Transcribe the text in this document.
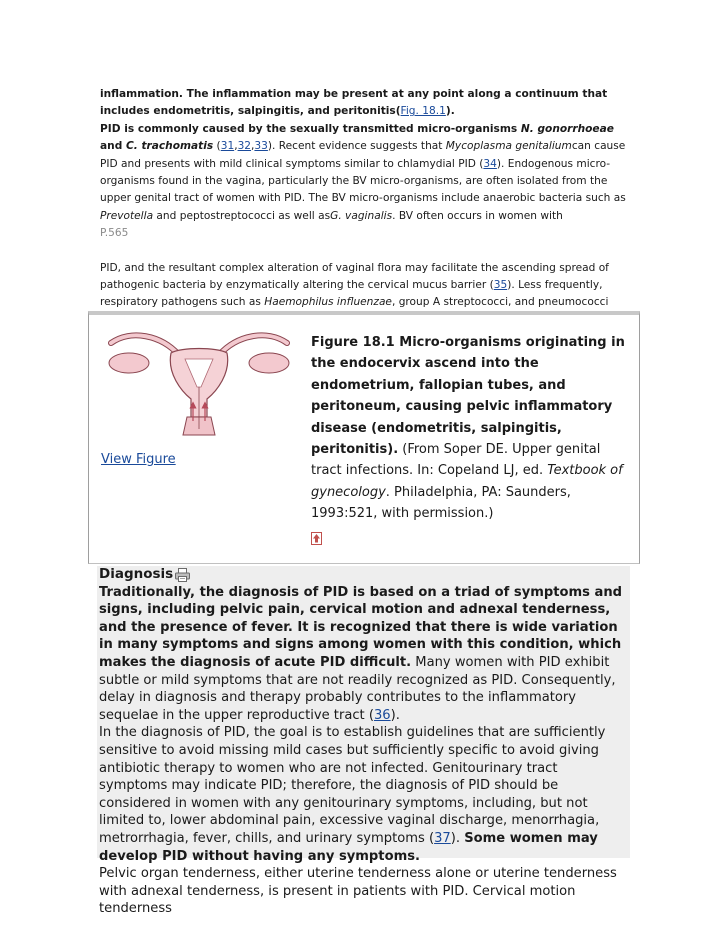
inflammation. The inflammation may be present at any point along a continuum that includes endometritis, salpingitis, and peritonitis(Fig. 18.1).

PID is commonly caused by the sexually transmitted micro-organisms N. gonorrhoeae and C. trachomatis (31,32,33). Recent evidence suggests that Mycoplasma genitaliumcan cause PID and presents with mild clinical symptoms similar to chlamydial PID (34). Endogenous micro-organisms found in the vagina, particularly the BV micro-organisms, are often isolated from the upper genital tract of women with PID. The BV micro-organisms include anaerobic bacteria such as Prevotella and peptostreptococci as well asG. vaginalis. BV often occurs in women with

P.565

PID, and the resultant complex alteration of vaginal flora may facilitate the ascending spread of pathogenic bacteria by enzymatically altering the cervical mucus barrier (35). Less frequently, respiratory pathogens such as Haemophilus influenzae, group A streptococci, and pneumococci

View Figure

Figure 18.1 Micro-organisms originating in the endocervix ascend into the endometrium, fallopian tubes, and peritoneum, causing pelvic inflammatory disease (endometritis, salpingitis, peritonitis). (From Soper DE. Upper genital tract infections. In: Copeland LJ, ed. Textbook of gynecology. Philadelphia, PA: Saunders, 1993:521, with permission.)

Diagnosis

Traditionally, the diagnosis of PID is based on a triad of symptoms and signs, including pelvic pain, cervical motion and adnexal tenderness, and the presence of fever. It is recognized that there is wide variation in many symptoms and signs among women with this condition, which makes the diagnosis of acute PID difficult. Many women with PID exhibit subtle or mild symptoms that are not readily recognized as PID. Consequently, delay in diagnosis and therapy probably contributes to the inflammatory sequelae in the upper reproductive tract (36).

In the diagnosis of PID, the goal is to establish guidelines that are sufficiently sensitive to avoid missing mild cases but sufficiently specific to avoid giving antibiotic therapy to women who are not infected. Genitourinary tract symptoms may indicate PID; therefore, the diagnosis of PID should be considered in women with any genitourinary symptoms, including, but not limited to, lower abdominal pain, excessive vaginal discharge, menorrhagia, metrorrhagia, fever, chills, and urinary symptoms (37). Some women may develop PID without having any symptoms.

Pelvic organ tenderness, either uterine tenderness alone or uterine tenderness with adnexal tenderness, is present in patients with PID. Cervical motion tenderness
